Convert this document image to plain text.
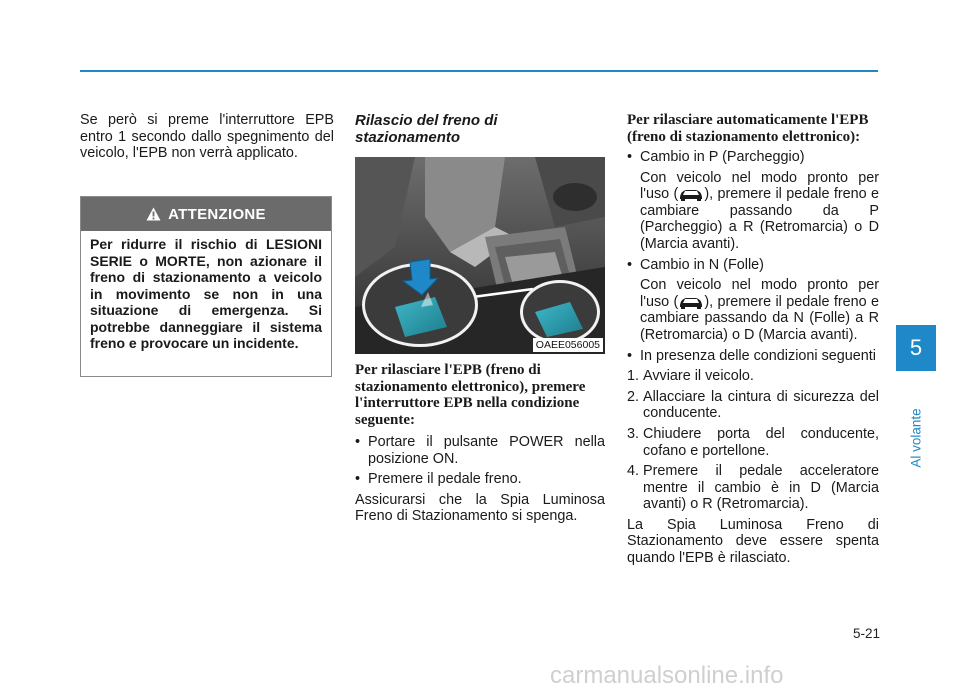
Se però si preme l'interruttore EPB entro 1 secondo dallo spegnimento del veicolo, l'EPB non verrà applicato.

ATTENZIONE
Per ridurre il rischio di LESIONI SERIE o MORTE, non azionare il freno di stazionamento a veicolo in movimento se non in una situazione di emergenza. Si potrebbe danneggiare il sistema freno e provocare un incidente.

Rilascio del freno di stazionamento

OAEE056005

Per rilasciare l'EPB (freno di stazionamento elettronico), premere l'interruttore EPB nella condizione seguente:

• Portare il pulsante POWER nella posizione ON.
• Premere il pedale freno.

Assicurarsi che la Spia Luminosa Freno di Stazionamento si spenga.

Per rilasciare automaticamente l'EPB (freno di stazionamento elettronico):

• Cambio in P (Parcheggio)

Con veicolo nel modo pronto per l'uso ( ), premere il pedale freno e cambiare passando da P (Parcheggio) a R (Retromarcia) o D (Marcia avanti).

• Cambio in N (Folle)

Con veicolo nel modo pronto per l'uso ( ), premere il pedale freno e cambiare passando da N (Folle) a R (Retromarcia) o D (Marcia avanti).

• In presenza delle condizioni seguenti
1. Avviare il veicolo.
2. Allacciare la cintura di sicurezza del conducente.
3. Chiudere porta del conducente, cofano e portellone.
4. Premere il pedale acceleratore mentre il cambio è in D (Marcia avanti) o R (Retromarcia).

La Spia Luminosa Freno di Stazionamento deve essere spenta quando l'EPB è rilasciato.

5
Al volante
5-21
carmanualsonline.info
